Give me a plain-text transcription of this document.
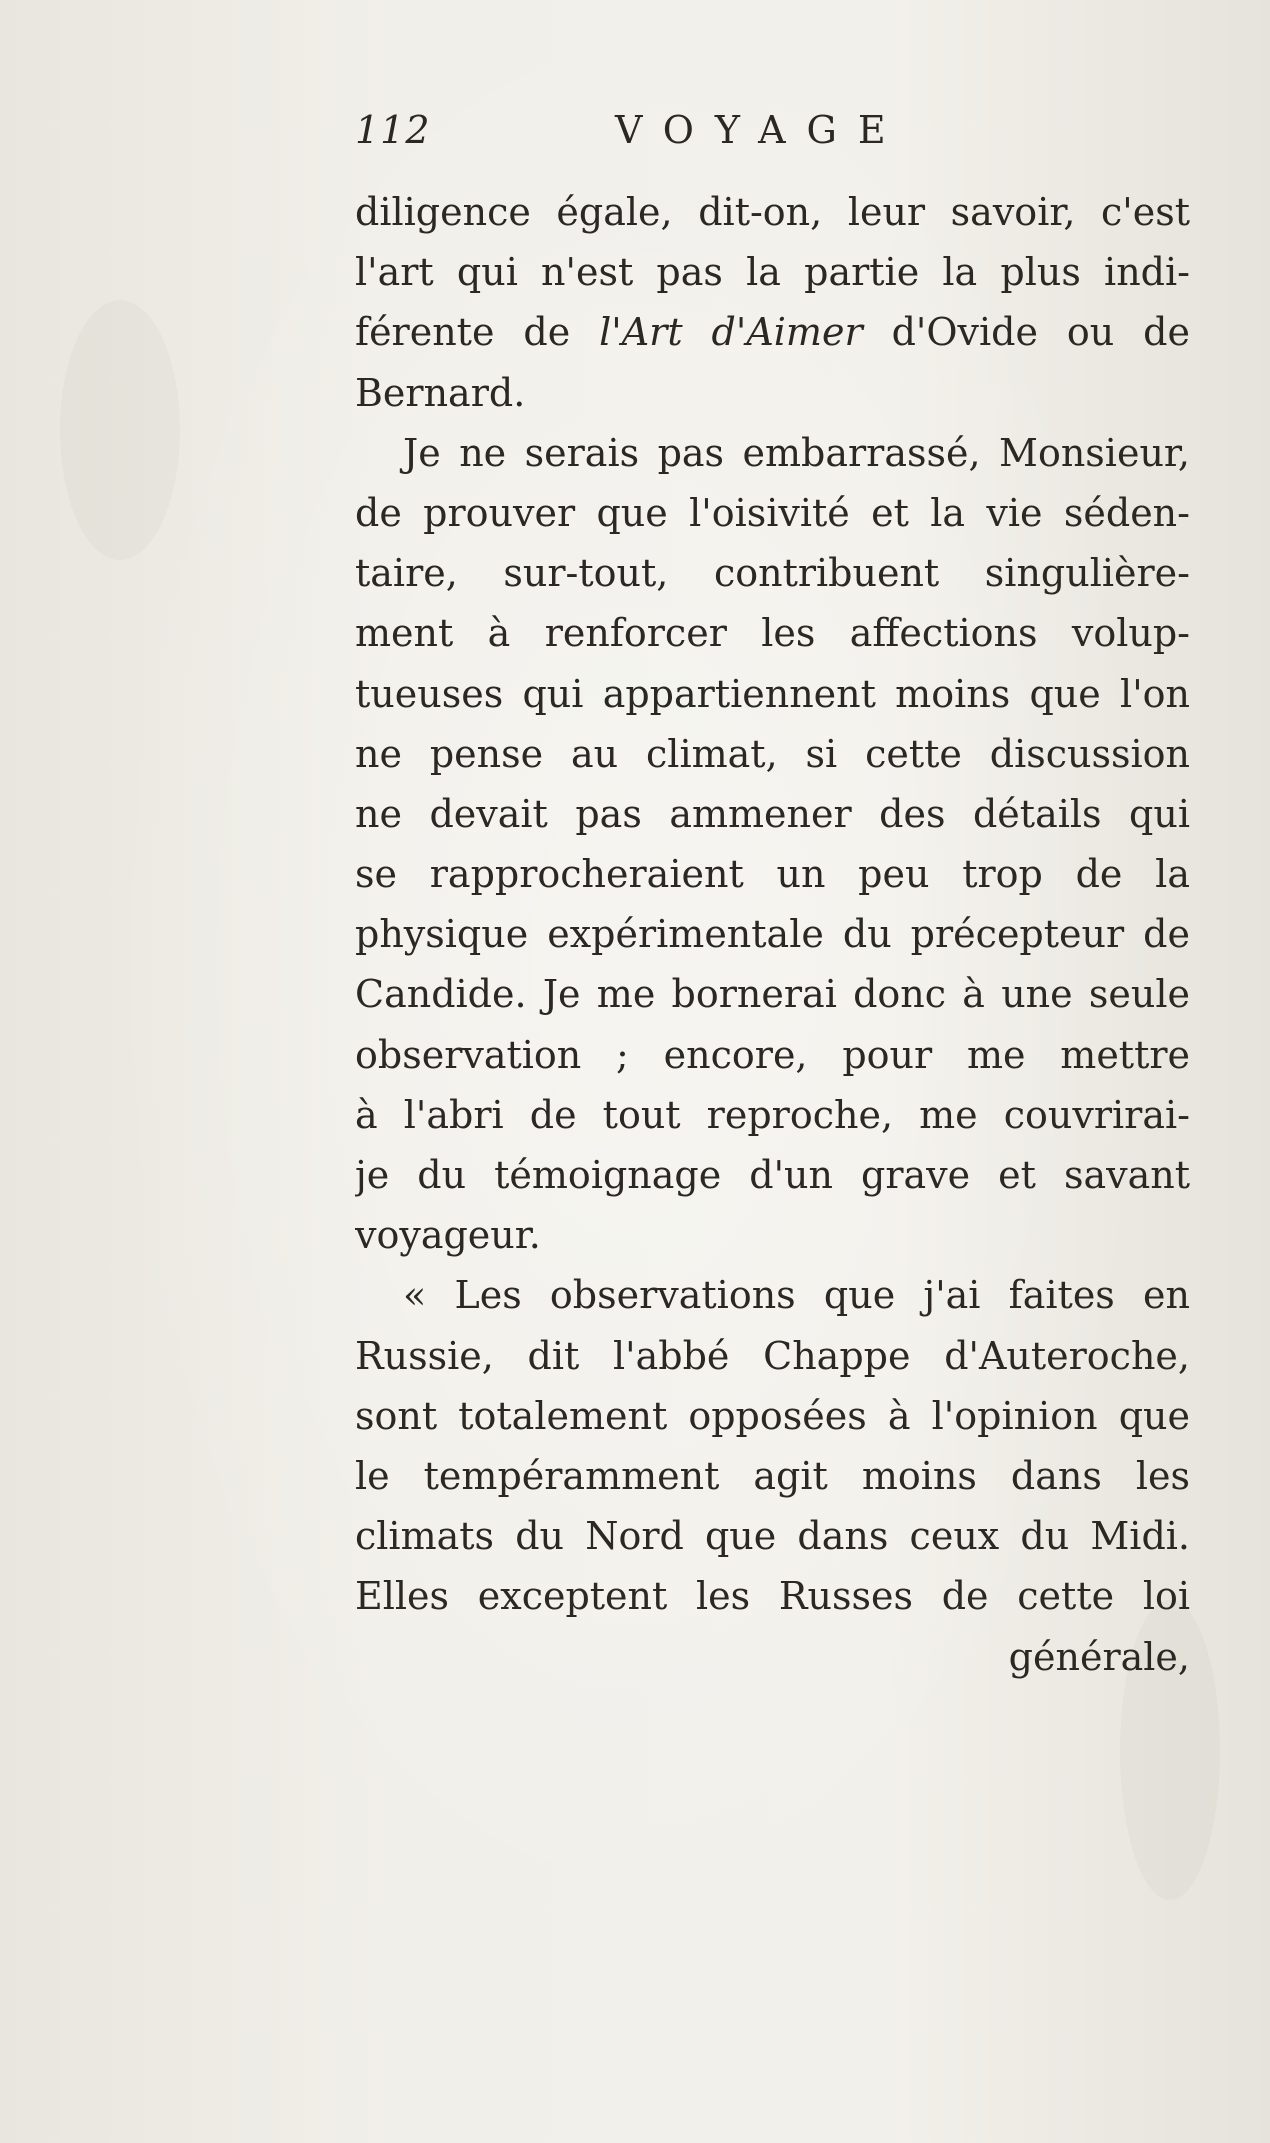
112	VOYAGE
diligence égale, dit-on, leur savoir, c'est
l'art qui n'est pas la partie la plus indi-
férente de l'Art d'Aimer d'Ovide ou de
Bernard.
Je ne serais pas embarrassé, Monsieur,
de prouver que l'oisivité et la vie séden-
taire, sur-tout, contribuent singulière-
ment à renforcer les affections volup-
tueuses qui appartiennent moins que l'on
ne pense au climat, si cette discussion
ne devait pas ammener des détails qui
se rapprocheraient un peu trop de la
physique expérimentale du précepteur de
Candide. Je me bornerai donc à une seule
observation ; encore, pour me mettre
à l'abri de tout reproche, me couvrirai-
je du témoignage d'un grave et savant
voyageur.
« Les observations que j'ai faites en
Russie, dit l'abbé Chappe d'Auteroche,
sont totalement opposées à l'opinion que
le tempéramment agit moins dans les
climats du Nord que dans ceux du Midi.
Elles exceptent les Russes de cette loi
générale,
